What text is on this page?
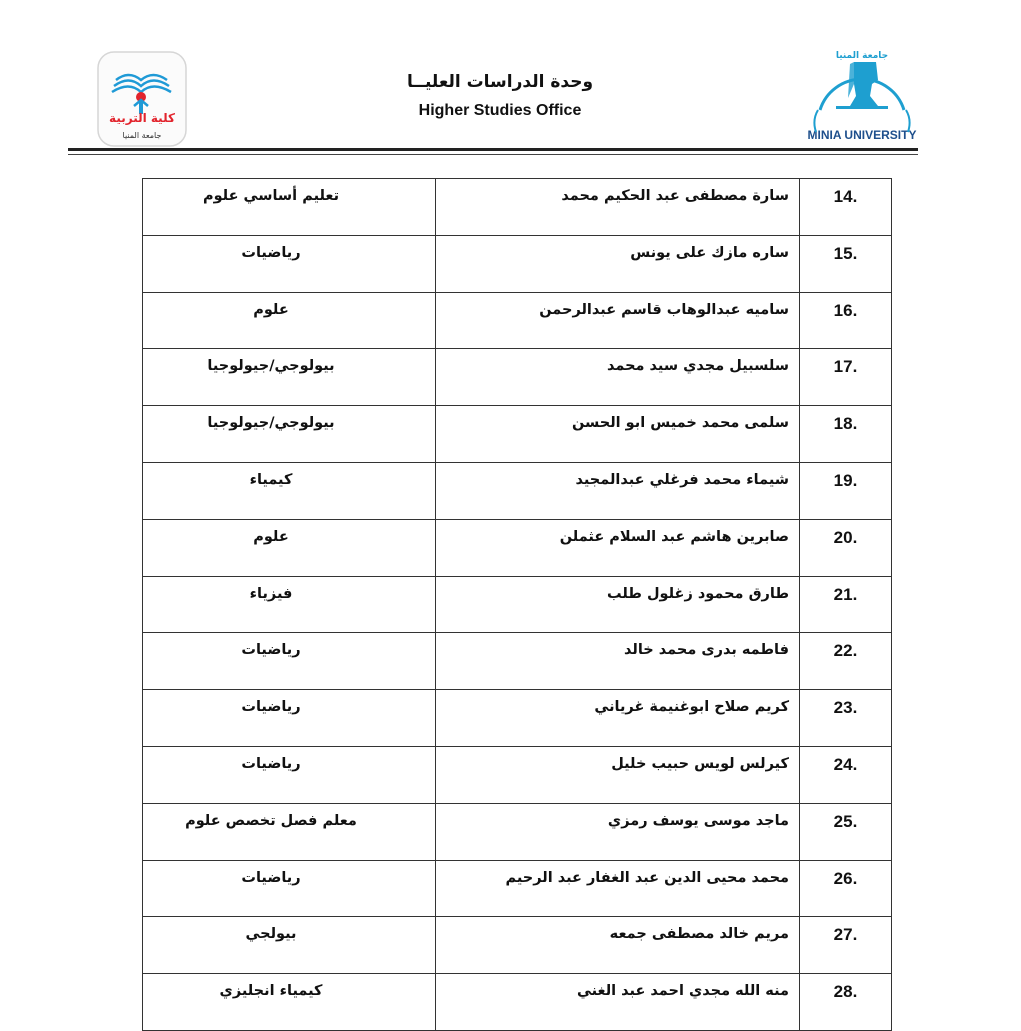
كلية التربية
جامعة المنيا
وحدة الدراسات العليــا
Higher Studies Office
جامعة المنيا
MINIA UNIVERSITY
تعليم أساسي علوم	سارة مصطفى عبد الحكيم محمد	14.
رياضيات	ساره مازك على يونس	15.
علوم	ساميه عبدالوهاب قاسم عبدالرحمن	16.
بيولوجي/جيولوجيا	سلسبيل مجدي سيد محمد	17.
بيولوجي/جيولوجيا	سلمى محمد خميس ابو الحسن	18.
كيمياء	شيماء محمد فرغلي عبدالمجيد	19.
علوم	صابرين هاشم عبد السلام عثملن	20.
فيزياء	طارق محمود زغلول طلب	21.
رياضيات	فاطمه بدرى محمد خالد	22.
رياضيات	كريم صلاح ابوغنيمة غرياني	23.
رياضيات	كيرلس لويس حبيب خليل	24.
معلم فصل تخصص علوم	ماجد موسى يوسف رمزي	25.
رياضيات	محمد محيى الدين عبد الغفار عبد الرحيم	26.
بيولجي	مريم خالد مصطفى جمعه	27.
كيمياء انجليزي	منه الله مجدي احمد عبد الغني	28.
